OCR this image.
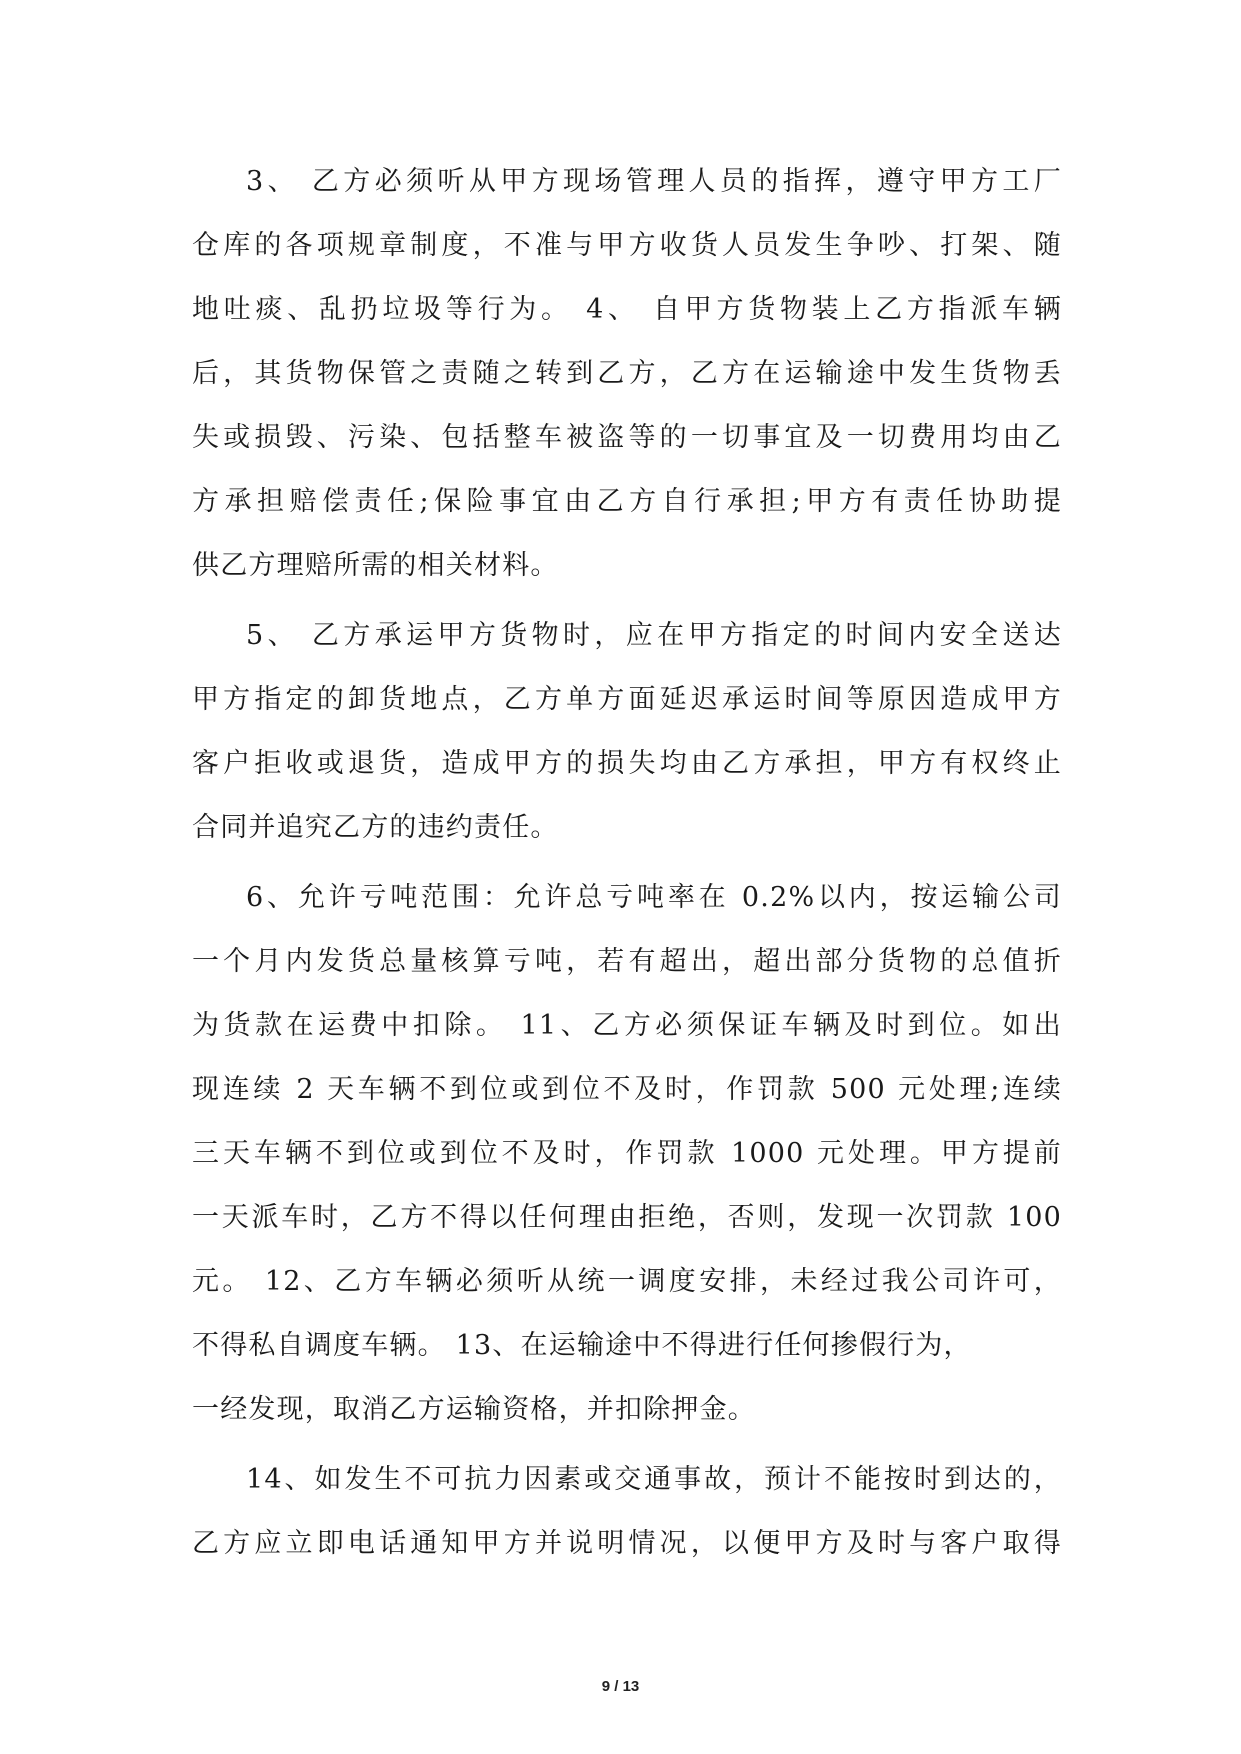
3、 乙方必须听从甲方现场管理人员的指挥，遵守甲方工厂
仓库的各项规章制度，不准与甲方收货人员发生争吵、打架、随
地吐痰、乱扔垃圾等行为。 4、 自甲方货物装上乙方指派车辆
后，其货物保管之责随之转到乙方，乙方在运输途中发生货物丢
失或损毁、污染、包括整车被盗等的一切事宜及一切费用均由乙
方承担赔偿责任;保险事宜由乙方自行承担;甲方有责任协助提
供乙方理赔所需的相关材料。
5、 乙方承运甲方货物时，应在甲方指定的时间内安全送达
甲方指定的卸货地点，乙方单方面延迟承运时间等原因造成甲方
客户拒收或退货，造成甲方的损失均由乙方承担，甲方有权终止
合同并追究乙方的违约责任。
6、允许亏吨范围：允许总亏吨率在 0.2%以内，按运输公司
一个月内发货总量核算亏吨，若有超出，超出部分货物的总值折
为货款在运费中扣除。 11、乙方必须保证车辆及时到位。如出
现连续 2 天车辆不到位或到位不及时，作罚款 500 元处理;连续
三天车辆不到位或到位不及时，作罚款 1000 元处理。甲方提前
一天派车时，乙方不得以任何理由拒绝，否则，发现一次罚款 100
元。 12、乙方车辆必须听从统一调度安排，未经过我公司许可，
不得私自调度车辆。 13、在运输途中不得进行任何掺假行为，
一经发现，取消乙方运输资格，并扣除押金。
14、如发生不可抗力因素或交通事故，预计不能按时到达的，
乙方应立即电话通知甲方并说明情况，以便甲方及时与客户取得
9 / 13
